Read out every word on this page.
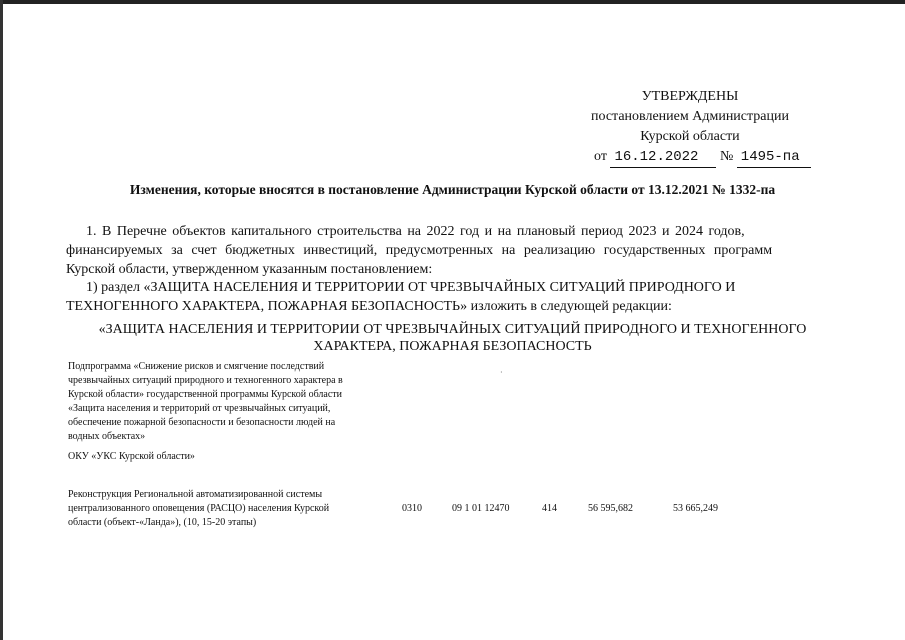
УТВЕРЖДЕНЫ
постановлением Администрации
Курской области
от 16.12.2022 № 1495-па
Изменения, которые вносятся в постановление Администрации Курской области от 13.12.2021 № 1332-па
1. В Перечне объектов капитального строительства на 2022 год и на плановый период 2023 и 2024 годов,
финансируемых за счет бюджетных инвестиций, предусмотренных на реализацию государственных программ
Курской области, утвержденном указанным постановлением:
1) раздел «ЗАЩИТА НАСЕЛЕНИЯ И ТЕРРИТОРИИ ОТ ЧРЕЗВЫЧАЙНЫХ СИТУАЦИЙ ПРИРОДНОГО И
ТЕХНОГЕННОГО ХАРАКТЕРА, ПОЖАРНАЯ БЕЗОПАСНОСТЬ» изложить в следующей редакции:
«ЗАЩИТА НАСЕЛЕНИЯ И ТЕРРИТОРИИ ОТ ЧРЕЗВЫЧАЙНЫХ СИТУАЦИЙ ПРИРОДНОГО И ТЕХНОГЕННОГО
ХАРАКТЕРА, ПОЖАРНАЯ БЕЗОПАСНОСТЬ
·
Подпрограмма «Снижение рисков и смягчение последствий
чрезвычайных ситуаций природного и техногенного характера в
Курской области» государственной программы Курской области
«Защита населения и территорий от чрезвычайных ситуаций,
обеспечение пожарной безопасности и безопасности людей на
водных объектах»
ОКУ «УКС Курской области»
Реконструкция Региональной автоматизированной системы
централизованного оповещения (РАСЦО) населения Курской
области (объект-«Ланда»), (10, 15-20 этапы)
0310	09 1 01 12470	414	56 595,682	53 665,249
